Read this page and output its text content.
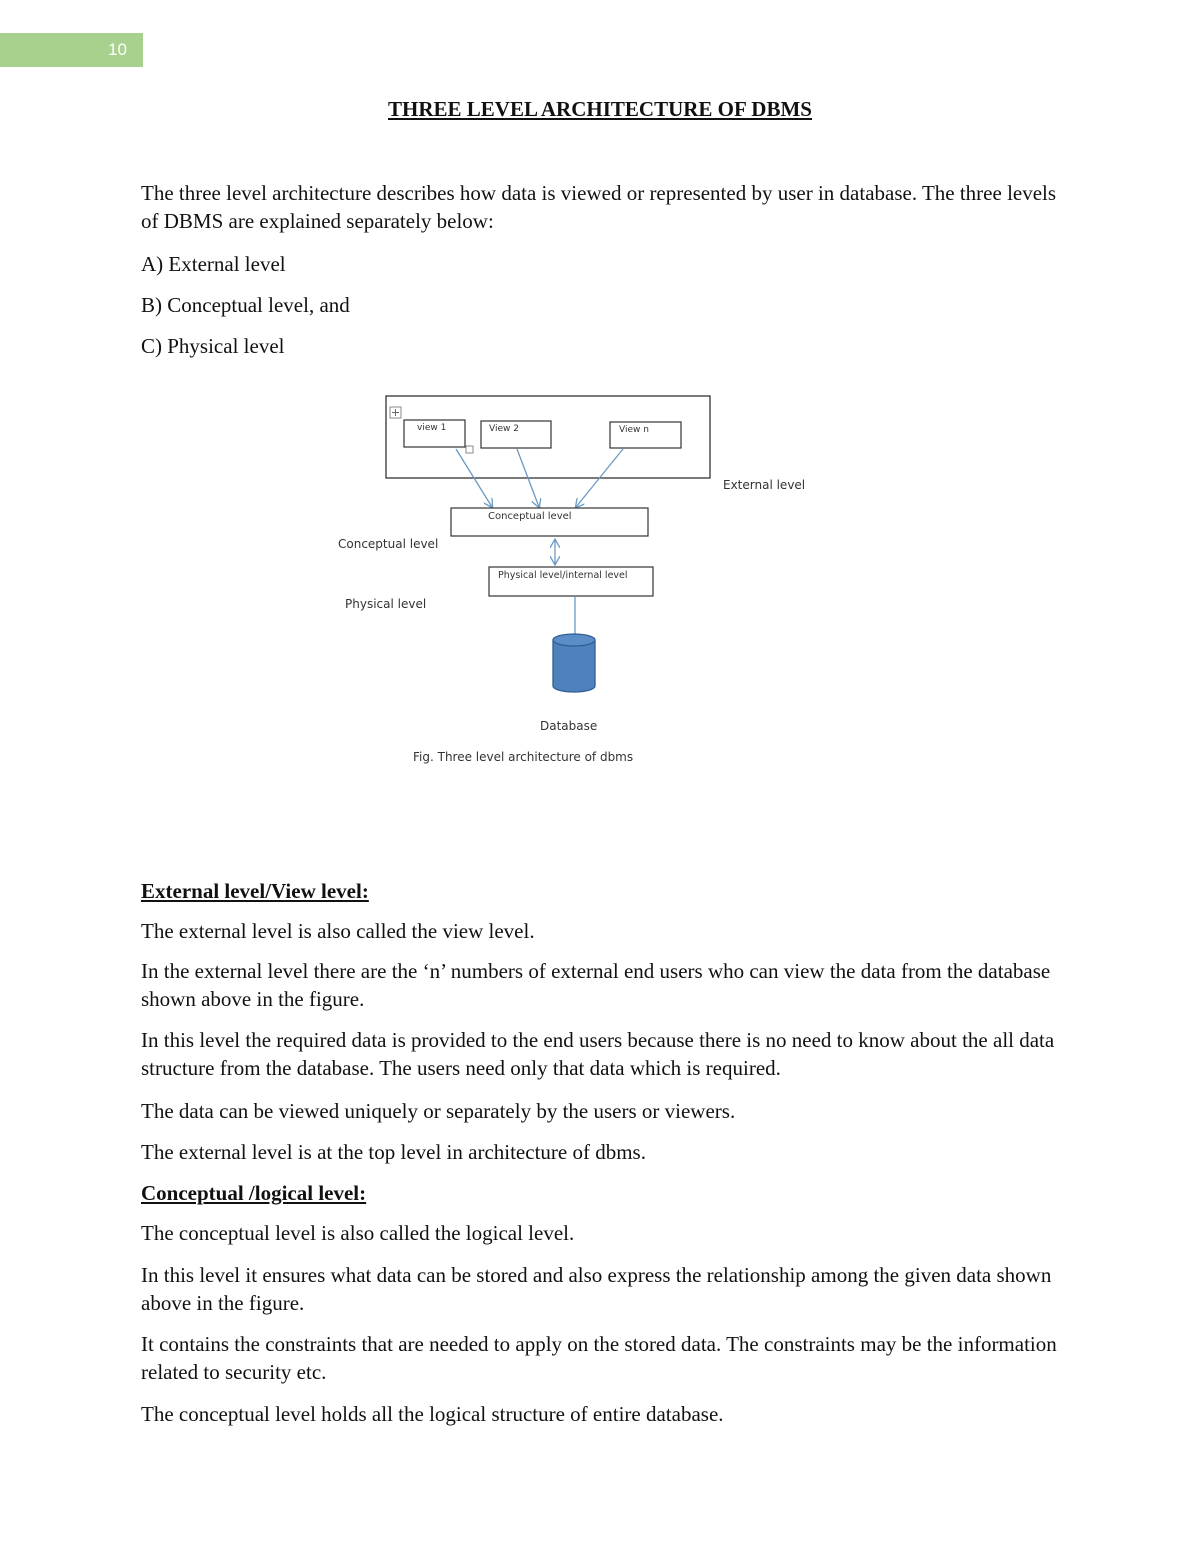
10
THREE LEVEL ARCHITECTURE OF DBMS

The three level architecture describes how data is viewed or represented by user in database. The three levels of DBMS are explained separately below:

A) External level

B) Conceptual level, and

C) Physical level

view 1	View 2	View n
Conceptual level
Physical level/internal level
External level
Conceptual level
Physical level
Database
Fig. Three level architecture of dbms
External level/View level:

The external level is also called the view level.

In the external level there are the ‘n’ numbers of external end users who can view the data from the database shown above in the figure.

In this level the required data is provided to the end users because there is no need to know about the all data structure from the database. The users need only that data which is required.

The data can be viewed uniquely or separately by the users or viewers.

The external level is at the top level in architecture of dbms.

Conceptual /logical level:

The conceptual level is also called the logical level.

In this level it ensures what data can be stored and also express the relationship among the given data shown above in the figure.

It contains the constraints that are needed to apply on the stored data. The constraints may be the information related to security etc.

The conceptual level holds all the logical structure of entire database.
